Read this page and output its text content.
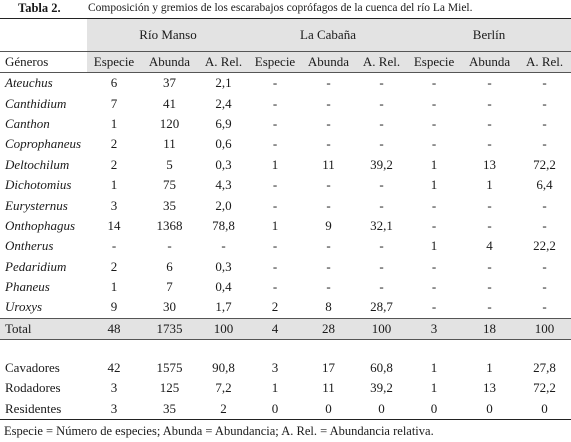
Tabla 2. Composición y gremios de los escarabajos coprófagos de la cuenca del río La Miel.
	Río Manso			La Cabaña			Berlín		
Géneros	Especie	Abunda	A. Rel.	Especie	Abunda	A. Rel.	Especie	Abunda	A. Rel.
Ateuchus	6	37	2,1	-	-	-	-	-	-
Canthidium	7	41	2,4	-	-	-	-	-	-
Canthon	1	120	6,9	-	-	-	-	-	-
Coprophaneus	2	11	0,6	-	-	-	-	-	-
Deltochilum	2	5	0,3	1	11	39,2	1	13	72,2
Dichotomius	1	75	4,3	-	-	-	1	1	6,4
Eurysternus	3	35	2,0	-	-	-	-	-	-
Onthophagus	14	1368	78,8	1	9	32,1	-	-	-
Ontherus	-	-	-	-	-	-	1	4	22,2
Pedaridium	2	6	0,3	-	-	-	-	-	-
Phaneus	1	7	0,4	-	-	-	-	-	-
Uroxys	9	30	1,7	2	8	28,7	-	-	-
Total	48	1735	100	4	28	100	3	18	100

Cavadores	42	1575	90,8	3	17	60,8	1	1	27,8
Rodadores	3	125	7,2	1	11	39,2	1	13	72,2
Residentes	3	35	2	0	0	0	0	0	0
Especie = Número de especies; Abunda = Abundancia; A. Rel. = Abundancia relativa.
